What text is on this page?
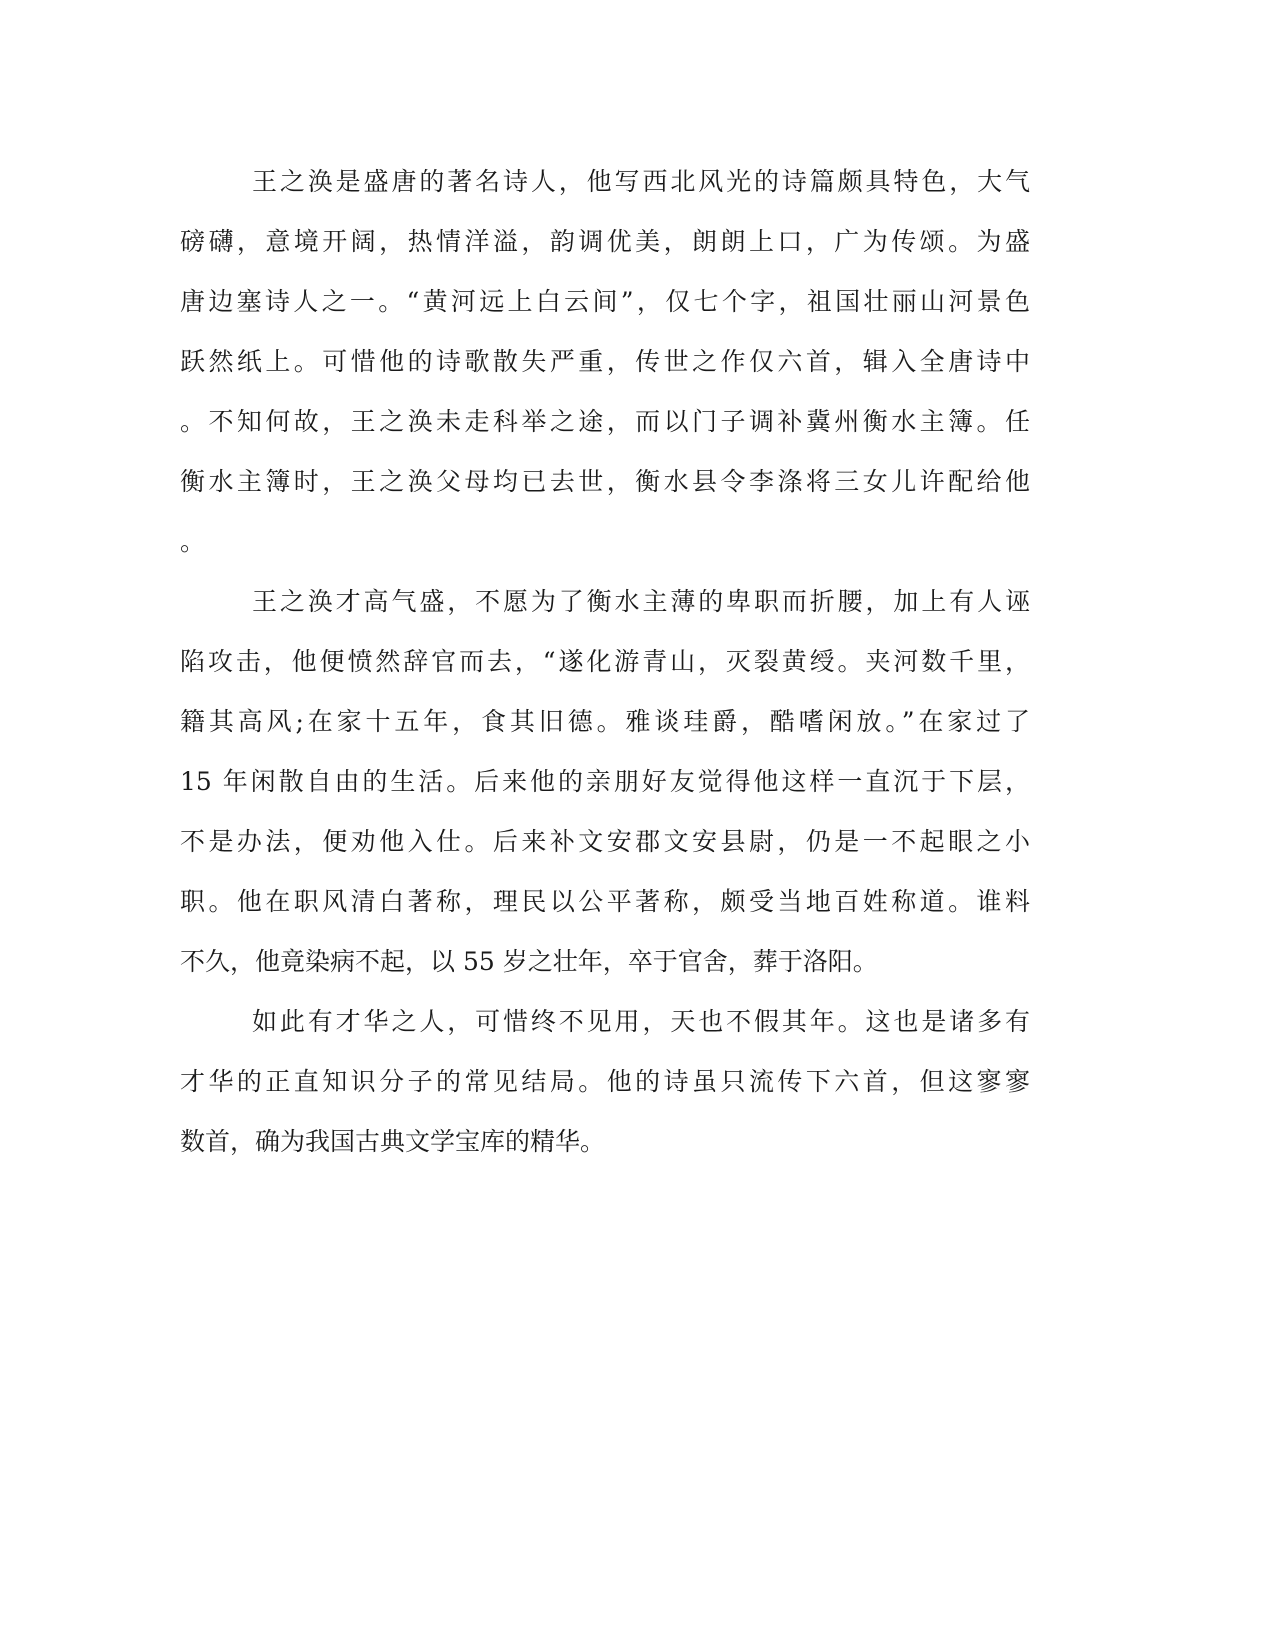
王之涣是盛唐的著名诗人，他写西北风光的诗篇颇具特色，大气
磅礴，意境开阔，热情洋溢，韵调优美，朗朗上口，广为传颂。为盛
唐边塞诗人之一。“黄河远上白云间”，仅七个字，祖国壮丽山河景色
跃然纸上。可惜他的诗歌散失严重，传世之作仅六首，辑入全唐诗中
。不知何故，王之涣未走科举之途，而以门子调补冀州衡水主簿。任
衡水主簿时，王之涣父母均已去世，衡水县令李涤将三女儿许配给他
。
王之涣才高气盛，不愿为了衡水主薄的卑职而折腰，加上有人诬
陷攻击，他便愤然辞官而去，“遂化游青山，灭裂黄绶。夹河数千里，
籍其高风;在家十五年，食其旧德。雅谈珪爵，酷嗜闲放。”在家过了
15 年闲散自由的生活。后来他的亲朋好友觉得他这样一直沉于下层，
不是办法，便劝他入仕。后来补文安郡文安县尉，仍是一不起眼之小
职。他在职风清白著称，理民以公平著称，颇受当地百姓称道。谁料
不久，他竟染病不起，以 55 岁之壮年，卒于官舍，葬于洛阳。
如此有才华之人，可惜终不见用，天也不假其年。这也是诸多有
才华的正直知识分子的常见结局。他的诗虽只流传下六首，但这寥寥
数首，确为我国古典文学宝库的精华。
